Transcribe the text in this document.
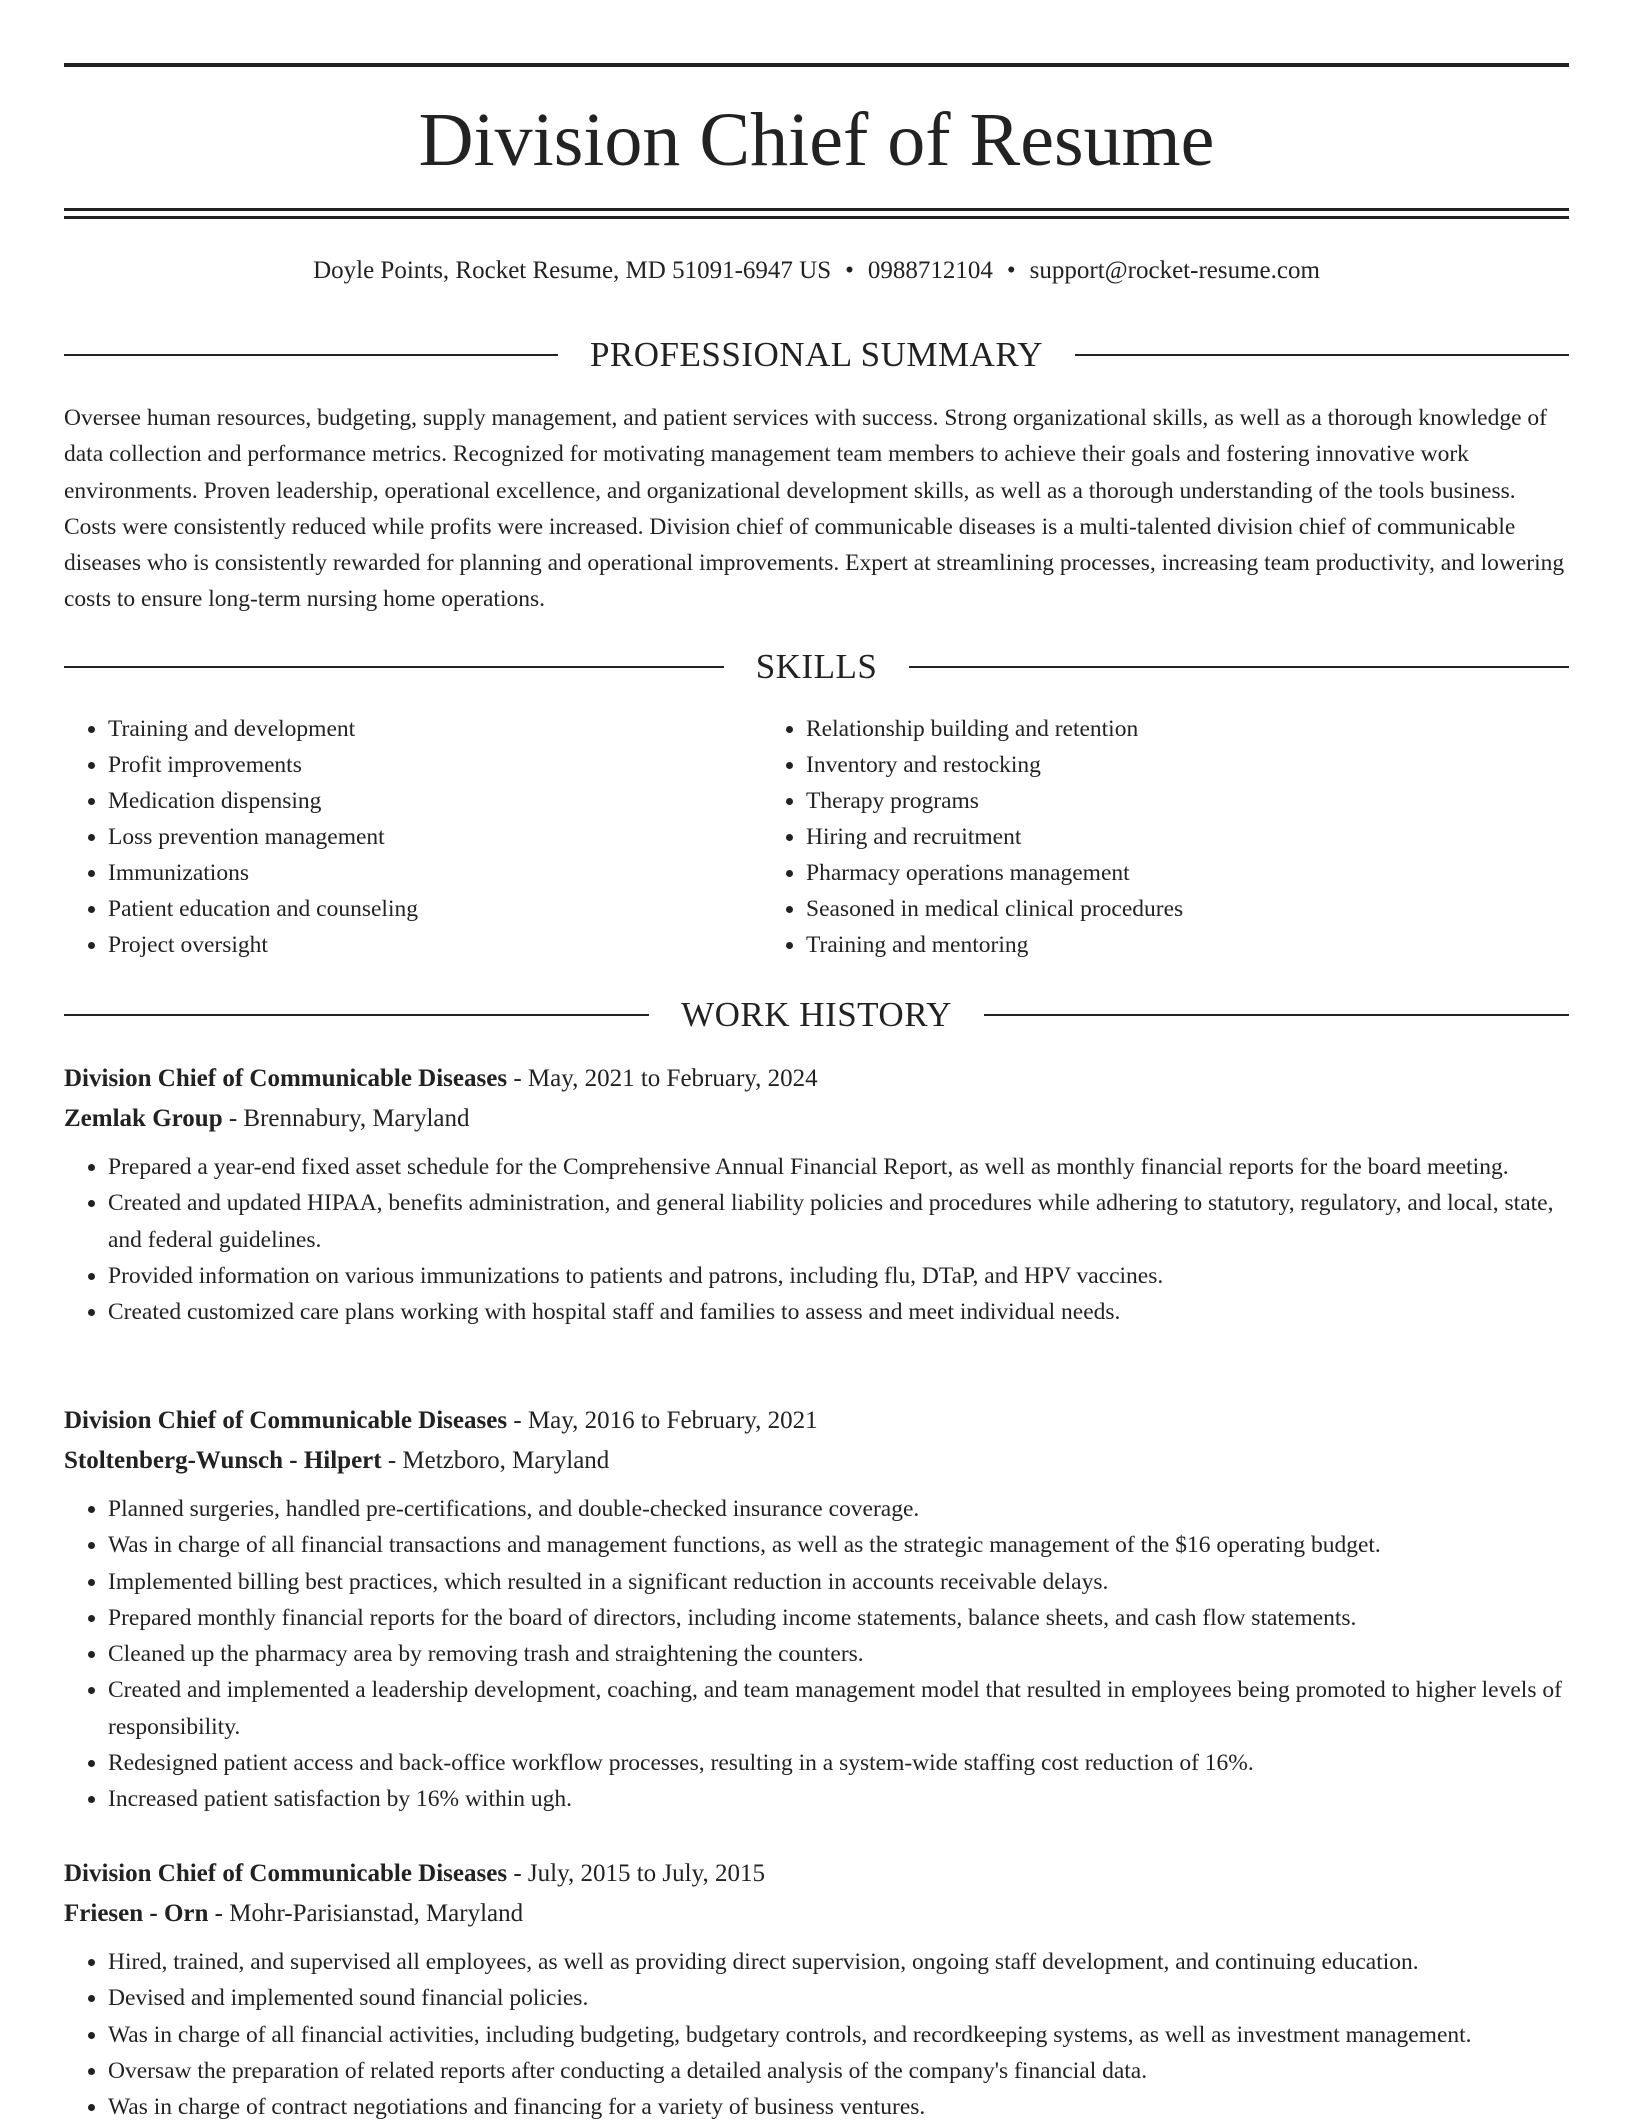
Division Chief of Resume
Doyle Points, Rocket Resume, MD 51091-6947 US • 0988712104 • support@rocket-resume.com
PROFESSIONAL SUMMARY

Oversee human resources, budgeting, supply management, and patient services with success. Strong organizational skills, as well as a thorough knowledge of data collection and performance metrics. Recognized for motivating management team members to achieve their goals and fostering innovative work environments. Proven leadership, operational excellence, and organizational development skills, as well as a thorough understanding of the tools business. Costs were consistently reduced while profits were increased. Division chief of communicable diseases is a multi-talented division chief of communicable diseases who is consistently rewarded for planning and operational improvements. Expert at streamlining processes, increasing team productivity, and lowering costs to ensure long-term nursing home operations.

SKILLS
• Training and development
• Profit improvements
• Medication dispensing
• Loss prevention management
• Immunizations
• Patient education and counseling
• Project oversight
• Relationship building and retention
• Inventory and restocking
• Therapy programs
• Hiring and recruitment
• Pharmacy operations management
• Seasoned in medical clinical procedures
• Training and mentoring
WORK HISTORY
Division Chief of Communicable Diseases - May, 2021 to February, 2024
Zemlak Group - Brennabury, Maryland
• Prepared a year-end fixed asset schedule for the Comprehensive Annual Financial Report, as well as monthly financial reports for the board meeting.
• Created and updated HIPAA, benefits administration, and general liability policies and procedures while adhering to statutory, regulatory, and local, state, and federal guidelines.
• Provided information on various immunizations to patients and patrons, including flu, DTaP, and HPV vaccines.
• Created customized care plans working with hospital staff and families to assess and meet individual needs.
Division Chief of Communicable Diseases - May, 2016 to February, 2021
Stoltenberg-Wunsch - Hilpert - Metzboro, Maryland
• Planned surgeries, handled pre-certifications, and double-checked insurance coverage.
• Was in charge of all financial transactions and management functions, as well as the strategic management of the $16 operating budget.
• Implemented billing best practices, which resulted in a significant reduction in accounts receivable delays.
• Prepared monthly financial reports for the board of directors, including income statements, balance sheets, and cash flow statements.
• Cleaned up the pharmacy area by removing trash and straightening the counters.
• Created and implemented a leadership development, coaching, and team management model that resulted in employees being promoted to higher levels of responsibility.
• Redesigned patient access and back-office workflow processes, resulting in a system-wide staffing cost reduction of 16%.
• Increased patient satisfaction by 16% within ugh.
Division Chief of Communicable Diseases - July, 2015 to July, 2015
Friesen - Orn - Mohr-Parisianstad, Maryland
• Hired, trained, and supervised all employees, as well as providing direct supervision, ongoing staff development, and continuing education.
• Devised and implemented sound financial policies.
• Was in charge of all financial activities, including budgeting, budgetary controls, and recordkeeping systems, as well as investment management.
• Oversaw the preparation of related reports after conducting a detailed analysis of the company's financial data.
• Was in charge of contract negotiations and financing for a variety of business ventures.
